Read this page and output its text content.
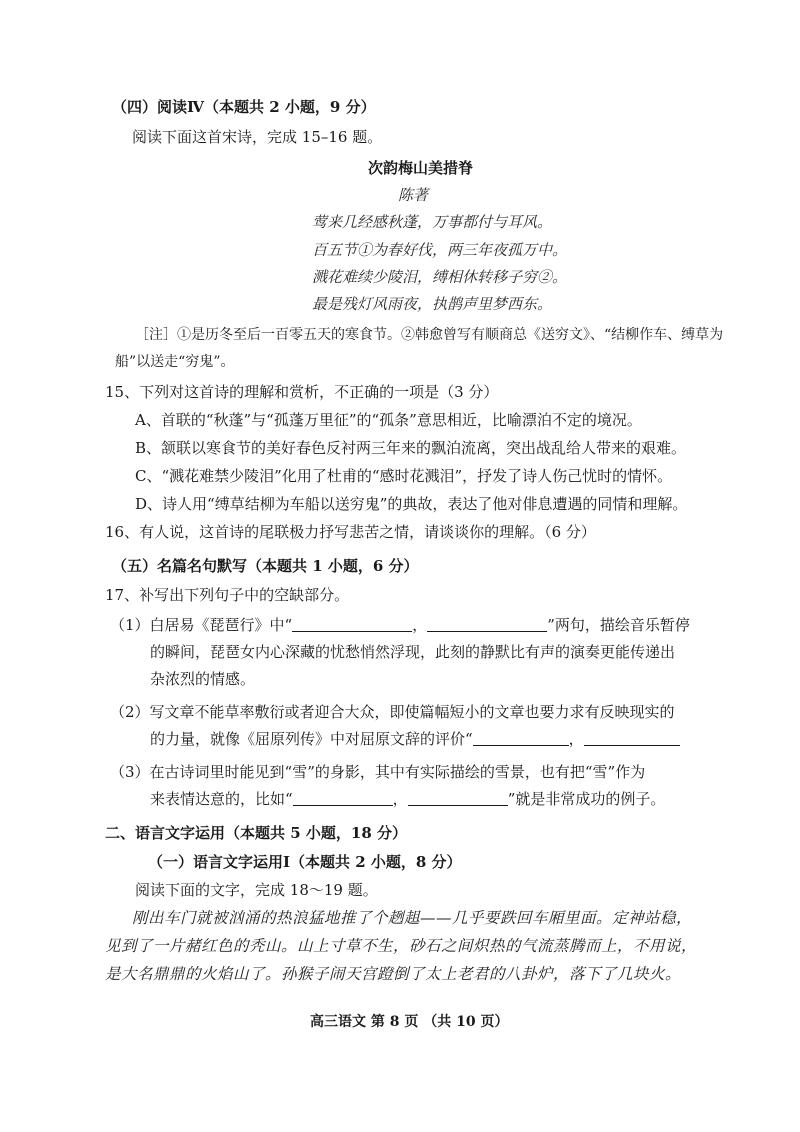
（四）阅读Ⅳ（本题共 2 小题，9 分）
阅读下面这首宋诗，完成 15–16 题。
次韵梅山美措脊
陈著
莺来几经感秋蓬，万事都付与耳风。
百五节①为春好伐，两三年夜孤万中。
溅花难续少陵泪，缚相休转移子穷②。
最是残灯风雨夜，执鹊声里梦西东。
［注］①是历冬至后一百零五天的寒食节。②韩愈曾写有顺商总《送穷文》、“结柳作车、缚草为
船”以送走“穷鬼”。
15、下列对这首诗的理解和赏析，不正确的一项是（3 分）
A、首联的“秋蓬”与“孤蓬万里征”的“孤条”意思相近，比喻漂泊不定的境况。
B、颔联以寒食节的美好春色反衬两三年来的飘泊流离，突出战乱给人带来的艰难。
C、“溅花难禁少陵泪”化用了杜甫的“感时花溅泪”，抒发了诗人伤己忧时的情怀。
D、诗人用“缚草结柳为车船以送穷鬼”的典故，表达了他对俳息遭遇的同情和理解。
16、有人说，这首诗的尾联极力抒写悲苦之情，请谈谈你的理解。（6 分）
（五）名篇名句默写（本题共 1 小题，6 分）
17、补写出下列句子中的空缺部分。
（1）白居易《琵琶行》中“	，	”两句，描绘音乐暂停
的瞬间，琵琶女内心深藏的忧愁悄然浮现，此刻的静默比有声的演奏更能传递出
杂浓烈的情感。
（2）写文章不能草率敷衍或者迎合大众，即使篇幅短小的文章也要力求有反映现实的
的力量，就像《屈原列传》中对屈原文辞的评价“	，
（3）在古诗词里时能见到“雪”的身影，其中有实际描绘的雪景，也有把“雪”作为
来表情达意的，比如“	，	”就是非常成功的例子。
二、语言文字运用（本题共 5 小题，18 分）
（一）语言文字运用Ⅰ（本题共 2 小题，8 分）
阅读下面的文字，完成 18～19 题。
刚出车门就被汹涌的热浪猛地推了个趔趄——几乎要跌回车厢里面。定神站稳，
见到了一片赭红色的秃山。山上寸草不生，砂石之间炽热的气流蒸腾而上，不用说，
是大名鼎鼎的火焰山了。孙猴子闹天宫蹬倒了太上老君的八卦炉，落下了几块火。
高三语文 第 8 页 （共 10 页）
